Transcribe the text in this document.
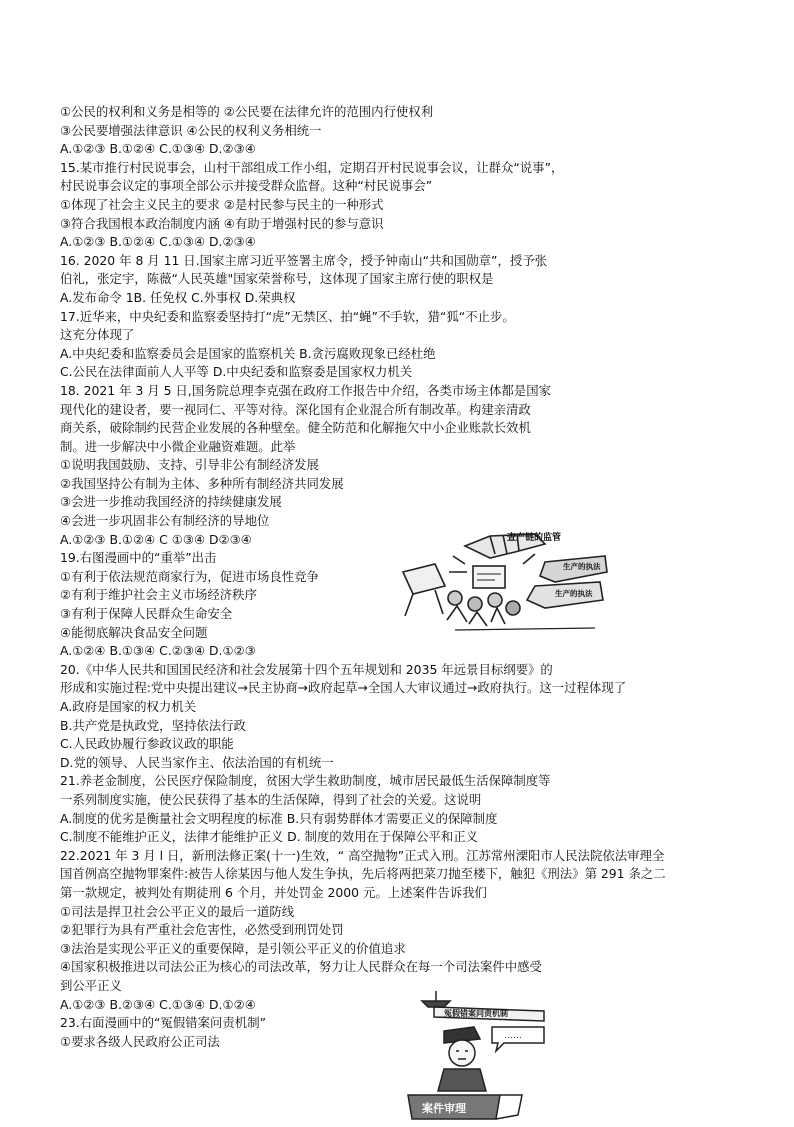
①公民的权利和义务是相等的 ②公民要在法律允许的范围内行使权利
③公民要增强法律意识 ④公民的权利义务相统一
A.①②③ B.①②④ C.①③④ D.②③④
15.某市推行村民说事会，山村干部组成工作小组，定期召开村民说事会议，让群众“说事”，
村民说事会议定的事项全部公示并接受群众监督。这种“村民说事会”
①体现了社会主义民主的要求 ②是村民参与民主的一种形式
③符合我国根本政治制度内涵 ④有助于增强村民的参与意识
A.①②③ B.①②④ C.①③④ D.②③④
16. 2020 年 8 月 11 日.国家主席习近平签署主席令，授予钟南山“共和国勋章”，授予张
伯礼，张定宇，陈薇“人民英雄"国家荣誉称号，这体现了国家主席行使的职权是
A.发布命令 1B. 任免权 C.外事权 D.荣典权
17.近华来，中央纪委和监察委坚持打“虎”无禁区、拍“蝇”不手软，猎“狐“不止步。
这充分体现了
A.中央纪委和监察委员会是国家的监察机关 B.贪污腐败现象已经杜绝
C.公民在法律面前人人平等 D.中央纪委和监察委是国家权力机关
18. 2021 年 3 月 5 日,国务院总理李克强在政府工作报告中介绍，各类市场主体都是国家
现代化的建设者，要一视同仁、平等对待。深化国有企业混合所有制改革。构建亲清政
商关系，破除制约民营企业发展的各种壁垒。健全防范和化解拖欠中小企业账款长效机
制。进一步解决中小微企业融资难题。此举
①说明我国鼓励、支持、引导非公有制经济发展
②我国坚持公有制为主体、多种所有制经济共同发展
③会进一步推动我国经济的持续健康发展
④会进一步巩固非公有制经济的导地位
A.①②③ B.①②④ C ①③④ D②③④
19.右图漫画中的“重举”出击
①有利于依法规范商家行为，促进市场良性竞争
②有利于维护社会主义市场经济秩序
③有利于保障人民群众生命安全
④能彻底解决食品安全问题
A.①②④ B.①③④ C.②③④ D.①②③
20.《中华人民共和国国民经济和社会发展第十四个五年规划和 2035 年远景目标纲要》的
形成和实施过程:党中央提出建议→民主协商→政府起草→全国人大审议通过→政府执行。这一过程体现了
A.政府是国家的权力机关
B.共产党是执政党，坚持依法行政
C.人民政协履行参政议政的职能
D.党的领导、人民当家作主、依法治国的有机统一
21.养老金制度，公民医疗保险制度，贫困大学生救助制度，城市居民最低生活保障制度等
一系列制度实施，使公民获得了基本的生活保障，得到了社会的关爱。这说明
A.制度的优劣是衡量社会文明程度的标准 B.只有弱势群体才需要正义的保障制度
C.制度不能维护正义，法律才能维护正义 D. 制度的效用在于保障公平和正义
22.2021 年 3 月 l 日，新刑法修正案(十一)生效，“ 高空抛物”正式入刑。江苏常州溧阳市人民法院依法审理全
国首例高空抛物罪案件:被告人徐某因与他人发生争执，先后将两把菜刀抛至楼下，触犯《刑法》第 291 条之二
第一款规定，被判处有期徒刑 6 个月，并处罚金 2000 元。上述案件告诉我们
①司法是捍卫社会公平正义的最后一道防线
②犯罪行为具有严重社会危害性，必然受到刑罚处罚
③法治是实现公平正义的重要保障，是引领公平正义的价值追求
④国家积极推进以司法公正为核心的司法改革，努力让人民群众在每一个司法案件中感受
到公平正义
A.①②③ B.②③④ C.①③④ D.①②④
23.右面漫画中的“冤假错案问责机制”
①要求各级人民政府公正司法
查产链的监管
生产的执法
生产的执法
冤假错案问责机制
……
案件审理
